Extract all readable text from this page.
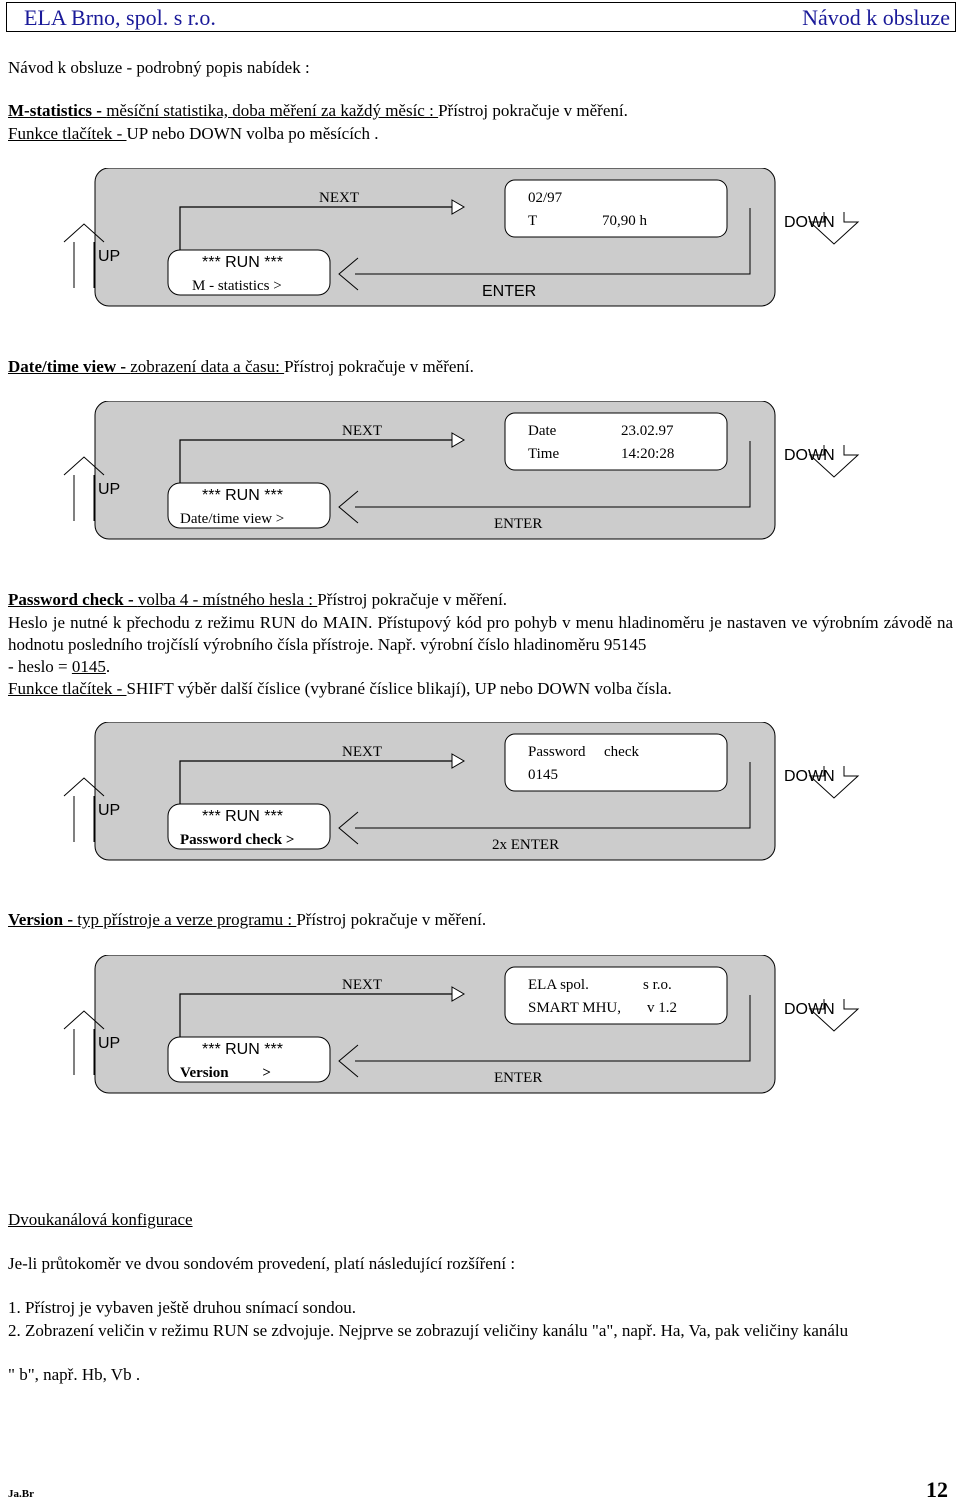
ELA Brno, spol. s r.o.	Návod k obsluze
Návod k obsluze - podrobný popis nabídek :
M-statistics - měsíční statistika, doba měření za každý měsíc : Přístroj pokračuje v měření.
Funkce tlačítek - UP nebo DOWN volba po měsících .
NEXT	02/97
T	70,90 h	DOWN
UP	*** RUN ***
M - statistics >	ENTER
Date/time view - zobrazení data a času: Přístroj pokračuje v měření.
NEXT	Date	23.02.97
Time	14:20:28	DOWN
UP	*** RUN ***
Date/time view >	ENTER
Password check - volba 4 - místného hesla : Přístroj pokračuje v měření.
Heslo je nutné k přechodu z režimu RUN do MAIN. Přístupový kód pro pohyb v menu hladinoměru je nastaven ve výrobním závodě na hodnotu posledního trojčíslí výrobního čísla přístroje. Např. výrobní číslo hladinoměru 95145
- heslo = 0145.
Funkce tlačítek - SHIFT výběr další číslice (vybrané číslice blikají), UP nebo DOWN volba čísla.
NEXT	Password check
0145	DOWN
UP	*** RUN ***
Password check >	2x ENTER
Version - typ přístroje a verze programu : Přístroj pokračuje v měření.
NEXT	ELA spol.	s r.o.
SMART MHU, v 1.2	DOWN
UP	*** RUN ***
Version         >	ENTER
Dvoukanálová konfigurace
Je-li průtokoměr ve dvou sondovém provedení, platí následující rozšíření :
1. Přístroj je vybaven ještě druhou snímací sondou.
2. Zobrazení veličin v režimu RUN se zdvojuje. Nejprve se zobrazují veličiny kanálu "a", např. Ha, Va, pak veličiny kanálu
" b", např. Hb, Vb .
Ja.Br	12
